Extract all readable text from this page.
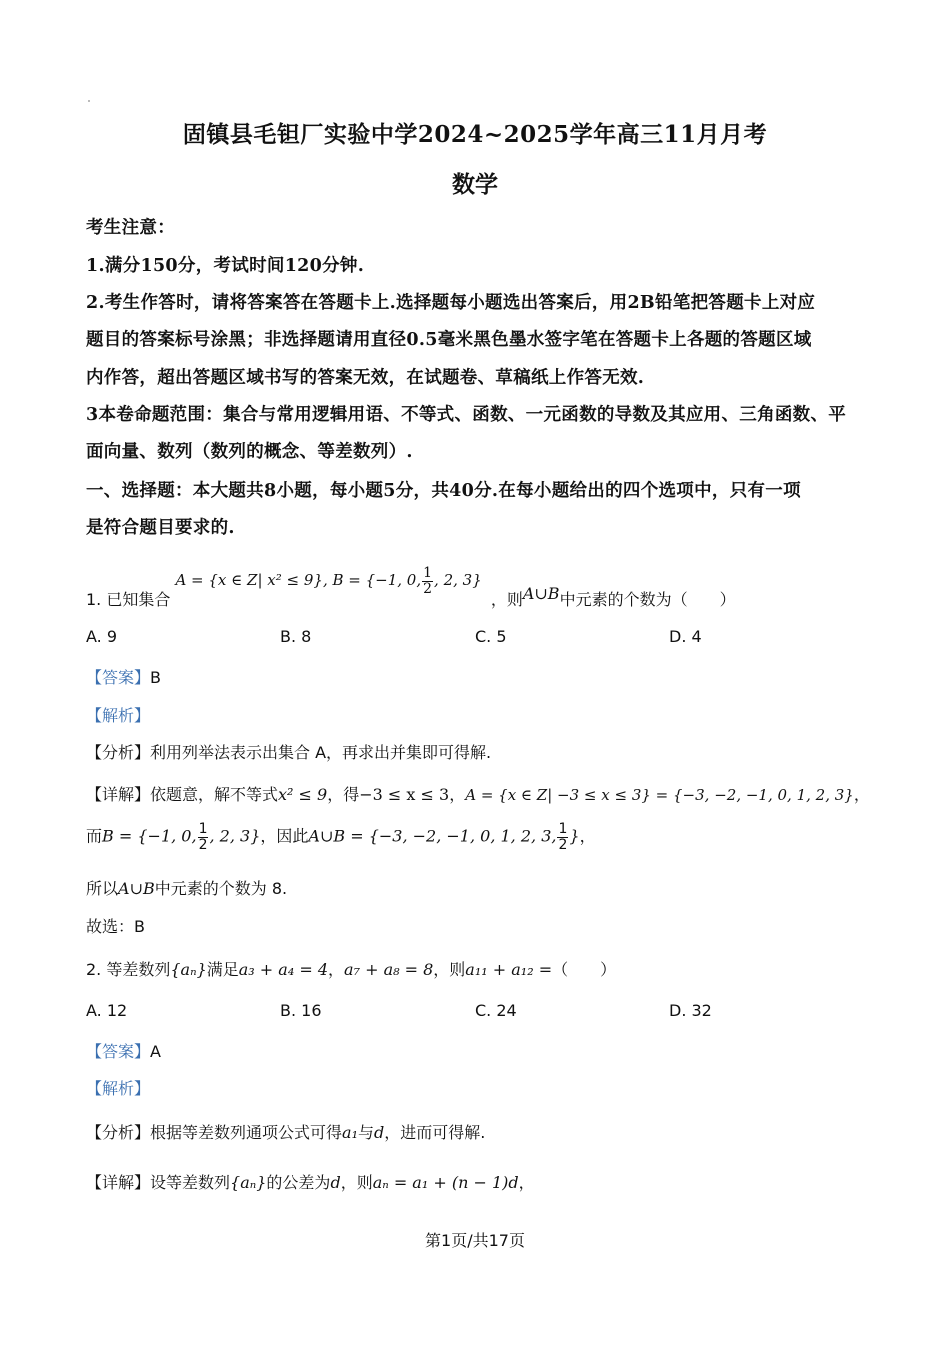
固镇县毛钽厂实验中学2024~2025学年高三11月月考
数学
考生注意：
1.满分150分，考试时间120分钟.
2.考生作答时，请将答案答在答题卡上.选择题每小题选出答案后，用2B铅笔把答题卡上对应
题目的答案标号涂黑；非选择题请用直径0.5毫米黑色墨水签字笔在答题卡上各题的答题区域
内作答，超出答题区域书写的答案无效，在试题卷、草稿纸上作答无效.
3本卷命题范围：集合与常用逻辑用语、不等式、函数、一元函数的导数及其应用、三角函数、平
面向量、数列（数列的概念、等差数列）.
一、选择题：本大题共8小题，每小题5分，共40分.在每小题给出的四个选项中，只有一项
是符合题目要求的.
1. 已知集合 A = {x ∈ Z| x² ≤ 9}, B = {−1, 0, $\frac{1}{2}$ , 2, 3} ，则A∪B中元素的个数为（　　）
A. 9	B. 8	C. 5	D. 4
【答案】B
【解析】
【分析】利用列举法表示出集合 A，再求出并集即可得解.
【详解】依题意，解不等式x² ≤ 9，得−3 ≤ x ≤ 3，A = {x ∈ Z| −3 ≤ x ≤ 3} = {−3, −2, −1, 0, 1, 2, 3}，
而B = {−1, 0, $\frac{1}{2}$ , 2, 3}，因此A∪B = {−3, −2, −1, 0, 1, 2, 3, $\frac{1}{2}$ }，
所以A∪B中元素的个数为 8.
故选：B
2. 等差数列{aₙ}满足a₃ + a₄ = 4，a₇ + a₈ = 8，则a₁₁ + a₁₂ =（　　）
A. 12	B. 16	C. 24	D. 32
【答案】A
【解析】
【分析】根据等差数列通项公式可得a₁与d，进而可得解.
【详解】设等差数列{aₙ}的公差为d，则aₙ = a₁ + (n − 1)d，
第1页/共17页
